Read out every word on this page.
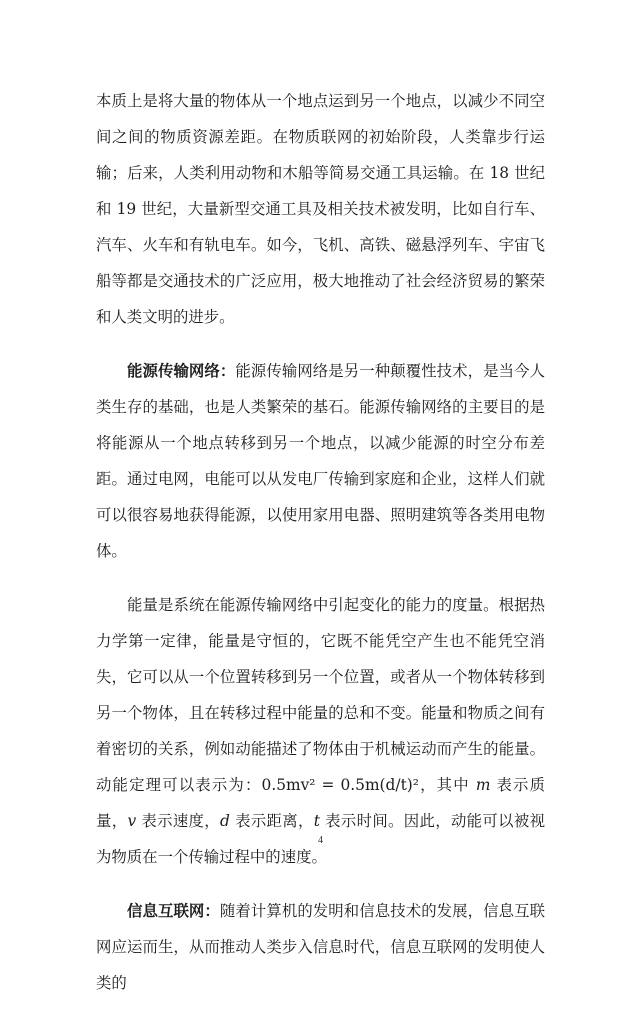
本质上是将大量的物体从一个地点运到另一个地点，以减少不同空间之间的物质资源差距。在物质联网的初始阶段，人类靠步行运输；后来，人类利用动物和木船等简易交通工具运输。在 18 世纪和 19 世纪，大量新型交通工具及相关技术被发明，比如自行车、汽车、火车和有轨电车。如今，飞机、高铁、磁悬浮列车、宇宙飞船等都是交通技术的广泛应用，极大地推动了社会经济贸易的繁荣和人类文明的进步。

能源传输网络：能源传输网络是另一种颠覆性技术，是当今人类生存的基础，也是人类繁荣的基石。能源传输网络的主要目的是将能源从一个地点转移到另一个地点，以减少能源的时空分布差距。通过电网，电能可以从发电厂传输到家庭和企业，这样人们就可以很容易地获得能源，以使用家用电器、照明建筑等各类用电物体。

能量是系统在能源传输网络中引起变化的能力的度量。根据热力学第一定律，能量是守恒的，它既不能凭空产生也不能凭空消失，它可以从一个位置转移到另一个位置，或者从一个物体转移到另一个物体，且在转移过程中能量的总和不变。能量和物质之间有着密切的关系，例如动能描述了物体由于机械运动而产生的能量。动能定理可以表示为：0.5mv² = 0.5m(d/t)²，其中 m 表示质量，v 表示速度，d 表示距离，t 表示时间。因此，动能可以被视为物质在一个传输过程中的速度。

信息互联网：随着计算机的发明和信息技术的发展，信息互联网应运而生，从而推动人类步入信息时代，信息互联网的发明使人类的

4
